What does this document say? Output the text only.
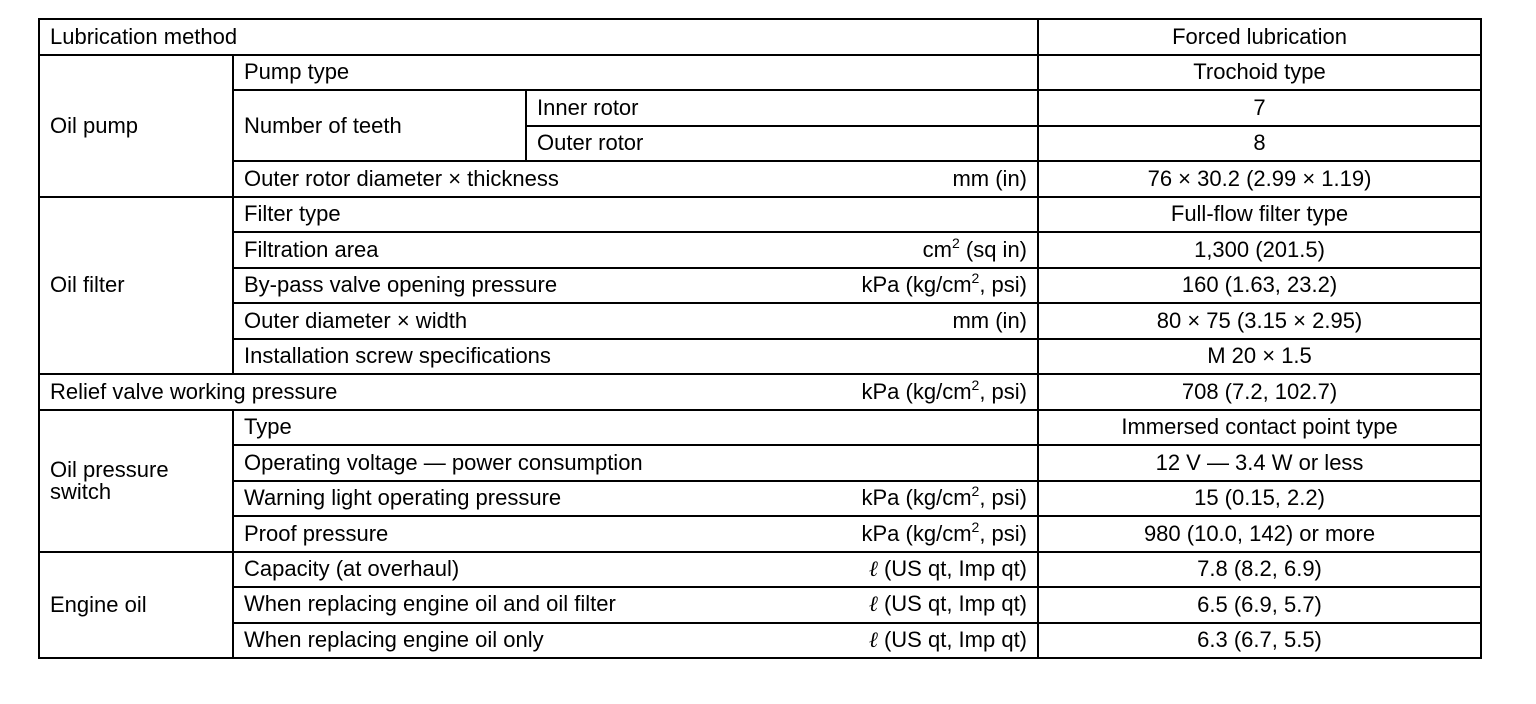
Lubrication method			Forced lubrication
Oil pump	Pump type		Trochoid type
	Number of teeth	Inner rotor	7
		Outer rotor	8

	Outer rotor diameter × thickness mm (in)		76 × 30.2 (2.99 × 1.19)
Oil filter	Filter type		Full-flow filter type

	Filtration area $cm^2$ (sq in)		1,300 (201.5)

	By-pass valve opening pressure kPa ($kg/cm^2$, psi)		160 (1.63, 23.2)

	Outer diameter × width mm (in)		80 × 75 (3.15 × 2.95)
	Installation screw specifications		M 20 × 1.5

Relief valve working pressure kPa ($kg/cm^2$, psi)			708 (7.2, 102.7)
Oil pressure
switch	Type		Immersed contact point type
	Operating voltage — power consumption		12 V — 3.4 W or less

	Warning light operating pressure kPa ($kg/cm^2$, psi)		15 (0.15, 2.2)

	Proof pressure kPa ($kg/cm^2$, psi)		980 (10.0, 142) or more
Engine oil	Capacity (at overhaul) ℓ (US qt, Imp qt)		7.8 (8.2, 6.9)

	When replacing engine oil and oil filter ℓ (US qt, Imp qt)		6.5 (6.9, 5.7)

	When replacing engine oil only ℓ (US qt, Imp qt)		6.3 (6.7, 5.5)
